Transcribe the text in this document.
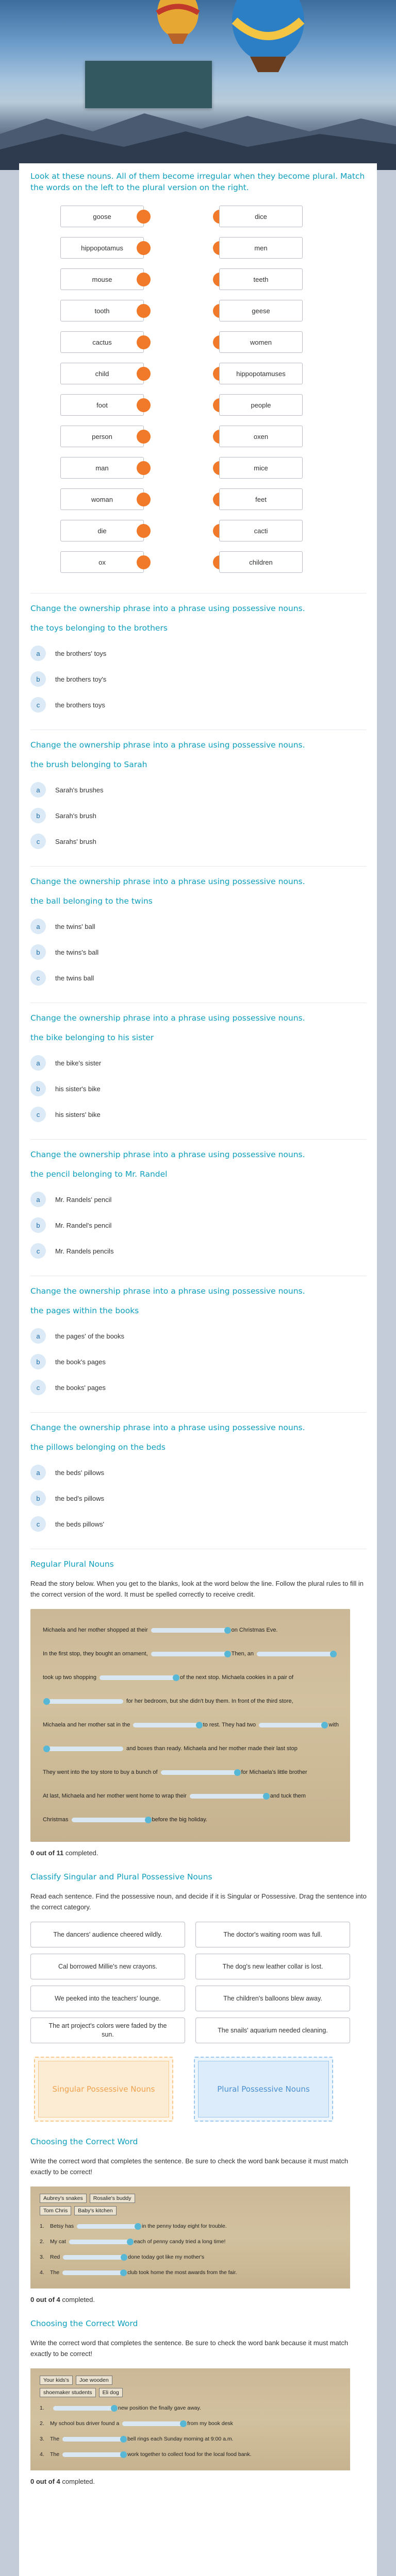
Look at these nouns. All of them become irregular when they become plural. Match the words on the left to the plural version on the right.
goose	dice
hippopotamus	men
mouse	teeth
tooth	geese
cactus	women
child	hippopotamuses
foot	people
person	oxen
man	mice
woman	feet
die	cacti
ox	children
Change the ownership phrase into a phrase using possessive nouns.
the toys belonging to the brothers
a	the brothers' toys
b	the brothers toy's
c	the brothers toys
Change the ownership phrase into a phrase using possessive nouns.
the brush belonging to Sarah
a	Sarah's brushes
b	Sarah's brush
c	Sarahs' brush
Change the ownership phrase into a phrase using possessive nouns.
the ball belonging to the twins
a	the twins' ball
b	the twins's ball
c	the twins ball
Change the ownership phrase into a phrase using possessive nouns.
the bike belonging to his sister
a	the bike's sister
b	his sister's bike
c	his sisters' bike
Change the ownership phrase into a phrase using possessive nouns.
the pencil belonging to Mr. Randel
a	Mr. Randels' pencil
b	Mr. Randel's pencil
c	Mr. Randels pencils
Change the ownership phrase into a phrase using possessive nouns.
the pages within the books
a	the pages' of the books
b	the book's pages
c	the books' pages
Change the ownership phrase into a phrase using possessive nouns.
the pillows belonging on the beds
a	the beds' pillows
b	the bed's pillows
c	the beds pillows'
Regular Plural Nouns
Read the story below. When you get to the blanks, look at the word below the line. Follow the plural rules to fill in the correct version of the word. It must be spelled correctly to receive credit.
Michaela and her mother shopped at their	on Christmas Eve.
In the first stop, they bought an ornament,	Then, an
took up two shopping	of the next stop. Michaela cookies in a pair of
for her bedroom, but she didn't buy them. In front of the third store,
Michaela and her mother sat in the	to rest. They had two	with
and boxes than ready. Michaela and her mother made their last stop
They went into the toy store to buy a bunch of	for Michaela's little brother
At last, Michaela and her mother went home to wrap their	and tuck them
Christmas	before the big holiday.
0 out of 11 completed.
Classify Singular and Plural Possessive Nouns
Read each sentence. Find the possessive noun, and decide if it is Singular or Possessive. Drag the sentence into the correct category.
The dancers' audience cheered wildly.	The doctor's waiting room was full.
Cal borrowed Millie's new crayons.	The dog's new leather collar is lost.
We peeked into the teachers' lounge.	The children's balloons blew away.
The art project's colors were faded by the sun.
The snails' aquarium needed cleaning.
Singular Possessive Nouns	Plural Possessive Nouns
Choosing the Correct Word
Write the correct word that completes the sentence. Be sure to check the word bank because it must match exactly to be correct!
Aubrey's snakes Rosalie's buddy
Tom Chris Baby's kitchen

1.	Betsy has	in the penny today eight for trouble.
2.	My cat	each of penny candy tried a long time!
3.	Red	done today got like my mother's
4.	The	club took home the most awards from the fair.
0 out of 4 completed.
Choosing the Correct Word
Write the correct word that completes the sentence. Be sure to check the word bank because it must match exactly to be correct!
Your kids's Joe wooden
shoemaker students Eli dog

1.	new position the finally gave away.
2.	My school bus driver found a	from my book desk
3.	The	bell rings each Sunday morning at 9:00 a.m.
4.	The	work together to collect food for the local food bank.
0 out of 4 completed.
